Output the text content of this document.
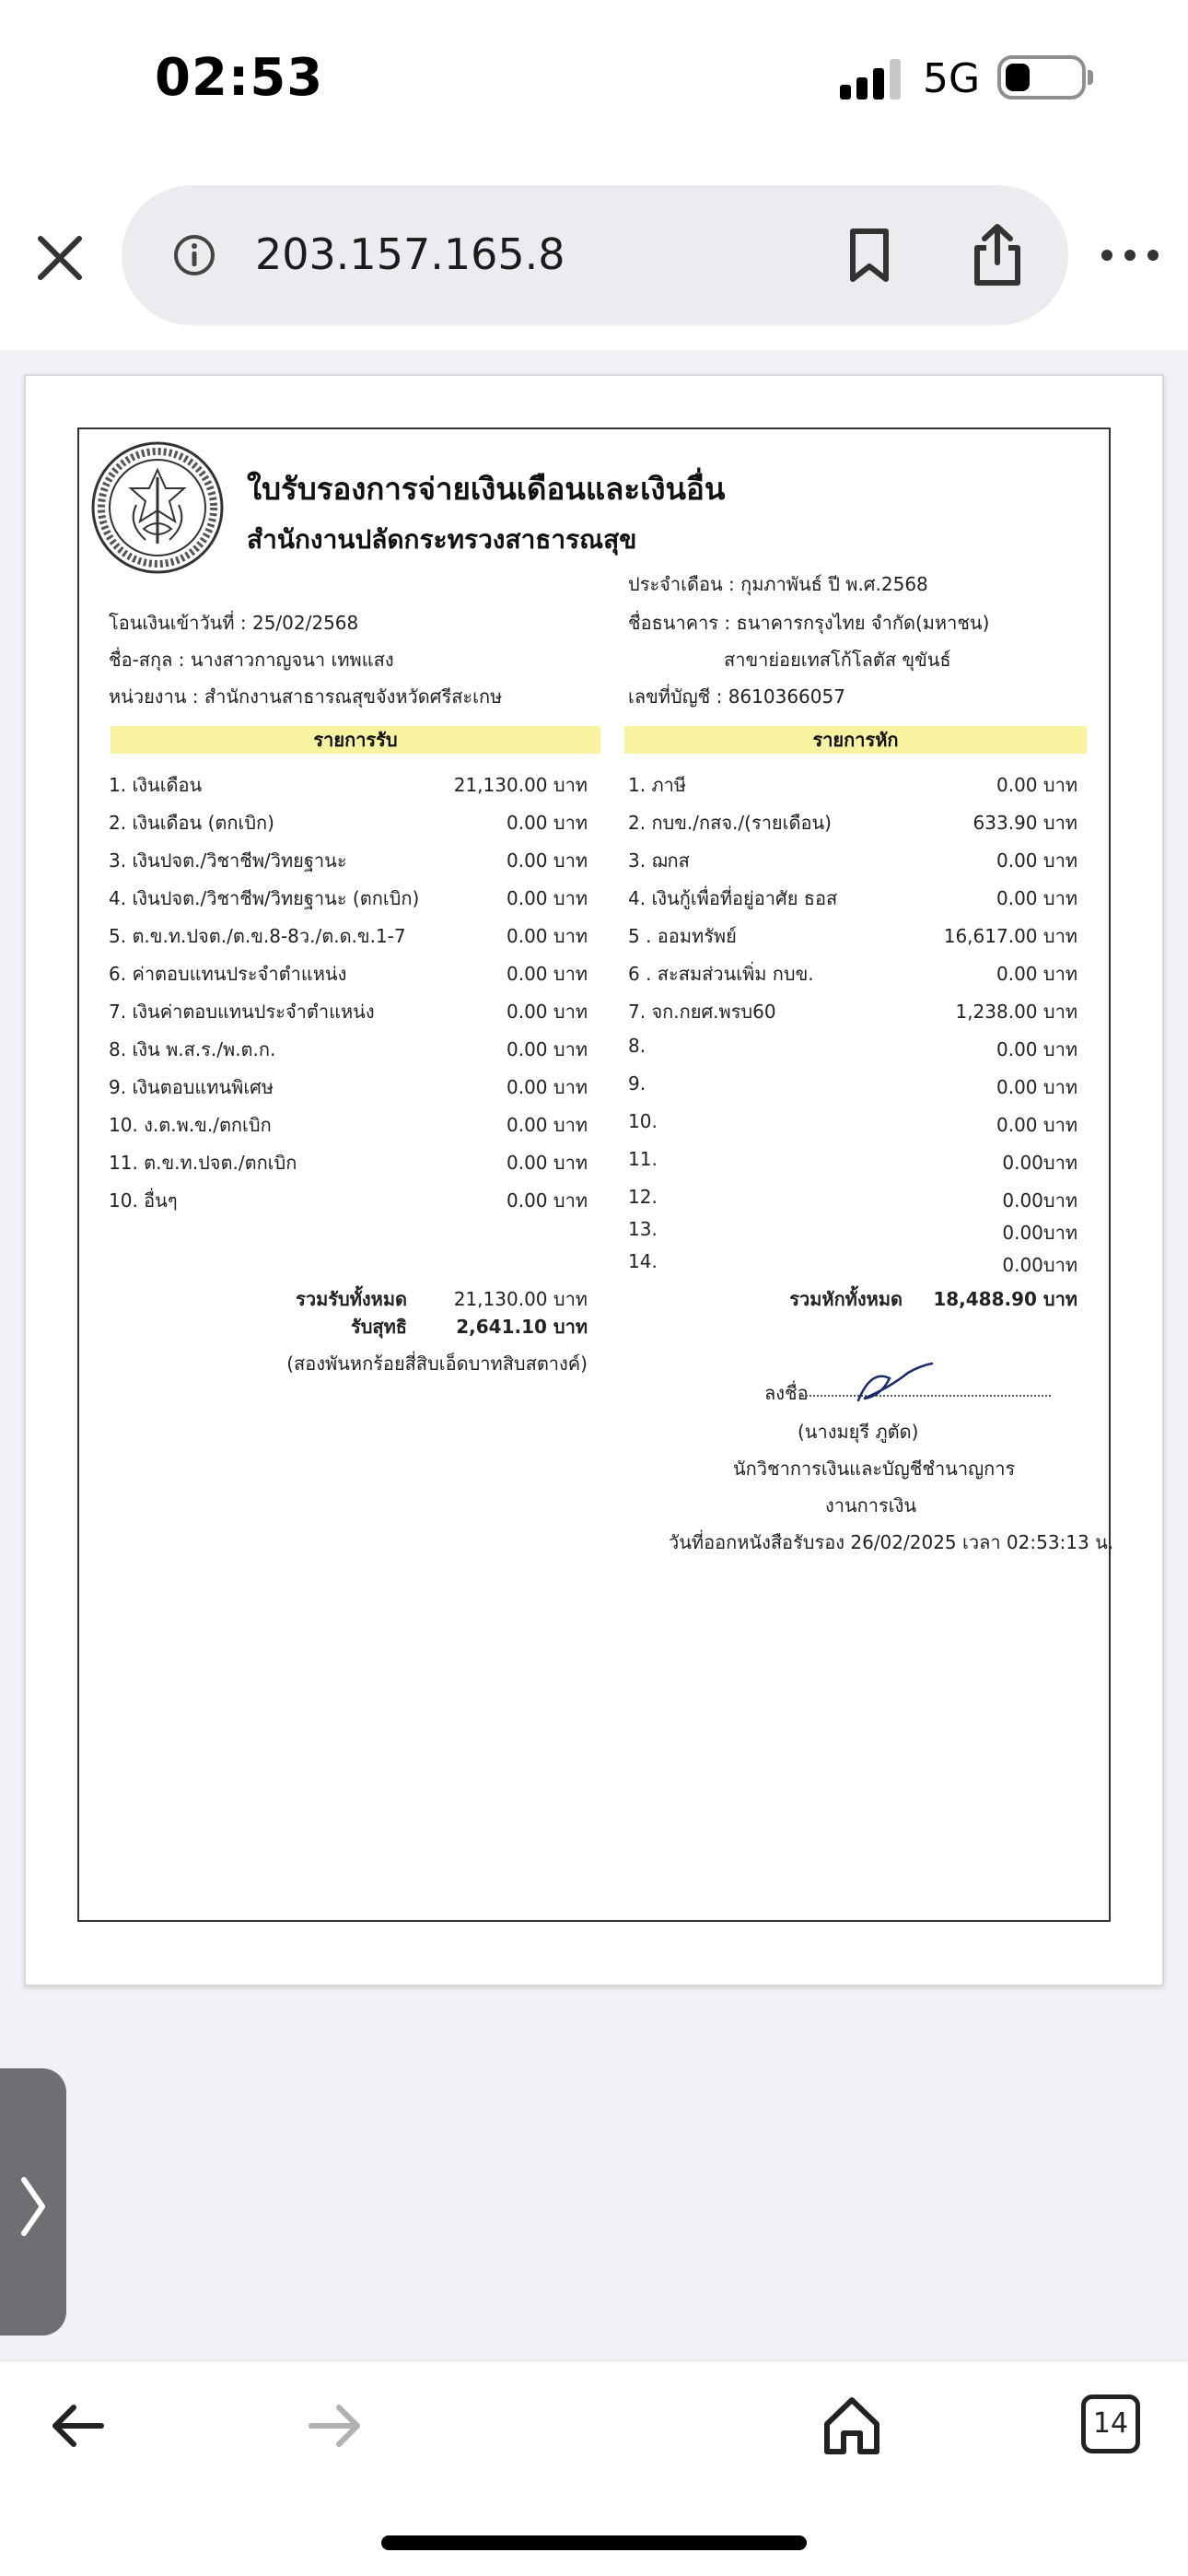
02:53	5G
203.157.165.8
ใบรับรองการจ่ายเงินเดือนและเงินอื่น
สำนักงานปลัดกระทรวงสาธารณสุข
ประจำเดือน : กุมภาพันธ์ ปี พ.ศ.2568
โอนเงินเข้าวันที่ : 25/02/2568	ชื่อธนาคาร : ธนาคารกรุงไทย จำกัด(มหาชน)
ชื่อ-สกุล : นางสาวกาญจนา เทพแสง	สาขาย่อยเทสโก้โลตัส ขุขันธ์
หน่วยงาน : สำนักงานสาธารณสุขจังหวัดศรีสะเกษ	เลขที่บัญชี : 8610366057
รายการรับ	รายการหัก
1. เงินเดือน	21,130.00 บาท
2. เงินเดือน (ตกเบิก)	0.00 บาท
3. เงินปจต./วิชาชีพ/วิทยฐานะ	0.00 บาท
4. เงินปจต./วิชาชีพ/วิทยฐานะ (ตกเบิก)	0.00 บาท
5. ต.ข.ท.ปจต./ต.ข.8-8ว./ต.ด.ข.1-7	0.00 บาท
6. ค่าตอบแทนประจำตำแหน่ง	0.00 บาท
7. เงินค่าตอบแทนประจำตำแหน่ง	0.00 บาท
8. เงิน พ.ส.ร./พ.ต.ก.	0.00 บาท
9. เงินตอบแทนพิเศษ	0.00 บาท
10. ง.ต.พ.ข./ตกเบิก	0.00 บาท
11. ต.ข.ท.ปจต./ตกเบิก	0.00 บาท
10. อื่นๆ	0.00 บาท
1. ภาษี	0.00 บาท
2. กบข./กสจ./(รายเดือน)	633.90 บาท
3. ฌกส	0.00 บาท
4. เงินกู้เพื่อที่อยู่อาศัย ธอส	0.00 บาท
5 . ออมทรัพย์	16,617.00 บาท
6 . สะสมส่วนเพิ่ม กบข.	0.00 บาท
7. จก.กยศ.พรบ60	1,238.00 บาท
8.	0.00 บาท
9.	0.00 บาท
10.	0.00 บาท
11.	0.00บาท
12.	0.00บาท
13.	0.00บาท
14.	0.00บาท
รวมรับทั้งหมด	21,130.00 บาท
รับสุทธิ	2,641.10 บาท
(สองพันหกร้อยสี่สิบเอ็ดบาทสิบสตางค์)
รวมหักทั้งหมด 18,488.90 บาท
ลงชื่อ
(นางมยุรี ภูตัด)
นักวิชาการเงินและบัญชีชำนาญการ
งานการเงิน
วันที่ออกหนังสือรับรอง 26/02/2025 เวลา 02:53:13 น.
14
